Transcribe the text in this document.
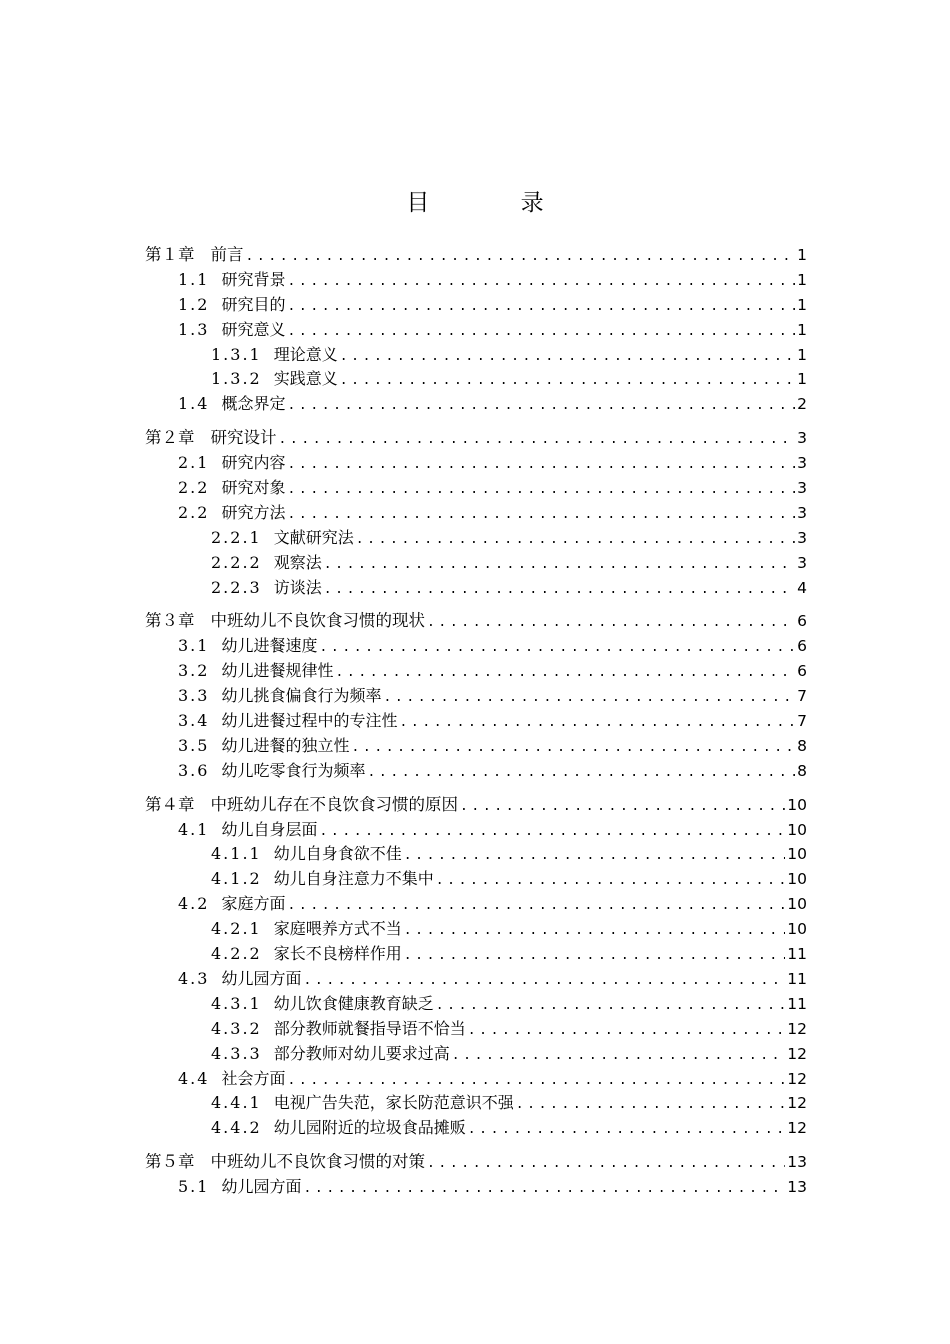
目 录
第１章 前言 .....	1
1.1 研究背景 .....	1
1.2 研究目的 .....	1
1.3 研究意义 .....	1
1.3.1 理论意义 .....	1
1.3.2 实践意义 .....	1
1.4 概念界定 .....	2
第２章 研究设计 .....	3
2.1 研究内容 .....	3
2.2 研究对象 .....	3
2.2 研究方法 .....	3
2.2.1 文献研究法 .....	3
2.2.2 观察法 .....	3
2.2.3 访谈法 .....	4
第３章 中班幼儿不良饮食习惯的现状 .....	6
3.1 幼儿进餐速度 .....	6
3.2 幼儿进餐规律性 .....	6
3.3 幼儿挑食偏食行为频率 .....	7
3.4 幼儿进餐过程中的专注性 .....	7
3.5 幼儿进餐的独立性 .....	8
3.6 幼儿吃零食行为频率 .....	8
第４章 中班幼儿存在不良饮食习惯的原因 .....	10
4.1 幼儿自身层面 .....	10
4.1.1 幼儿自身食欲不佳 .....	10
4.1.2 幼儿自身注意力不集中 .....	10
4.2 家庭方面 .....	10
4.2.1 家庭喂养方式不当 .....	10
4.2.2 家长不良榜样作用 .....	11
4.3 幼儿园方面 .....	11
4.3.1 幼儿饮食健康教育缺乏 .....	11
4.3.2 部分教师就餐指导语不恰当 .....	12
4.3.3 部分教师对幼儿要求过高 .....	12
4.4 社会方面 .....	12
4.4.1 电视广告失范，家长防范意识不强 .....	12
4.4.2 幼儿园附近的垃圾食品摊贩 .....	12
第５章 中班幼儿不良饮食习惯的对策 .....	13
5.1 幼儿园方面 .....	13
